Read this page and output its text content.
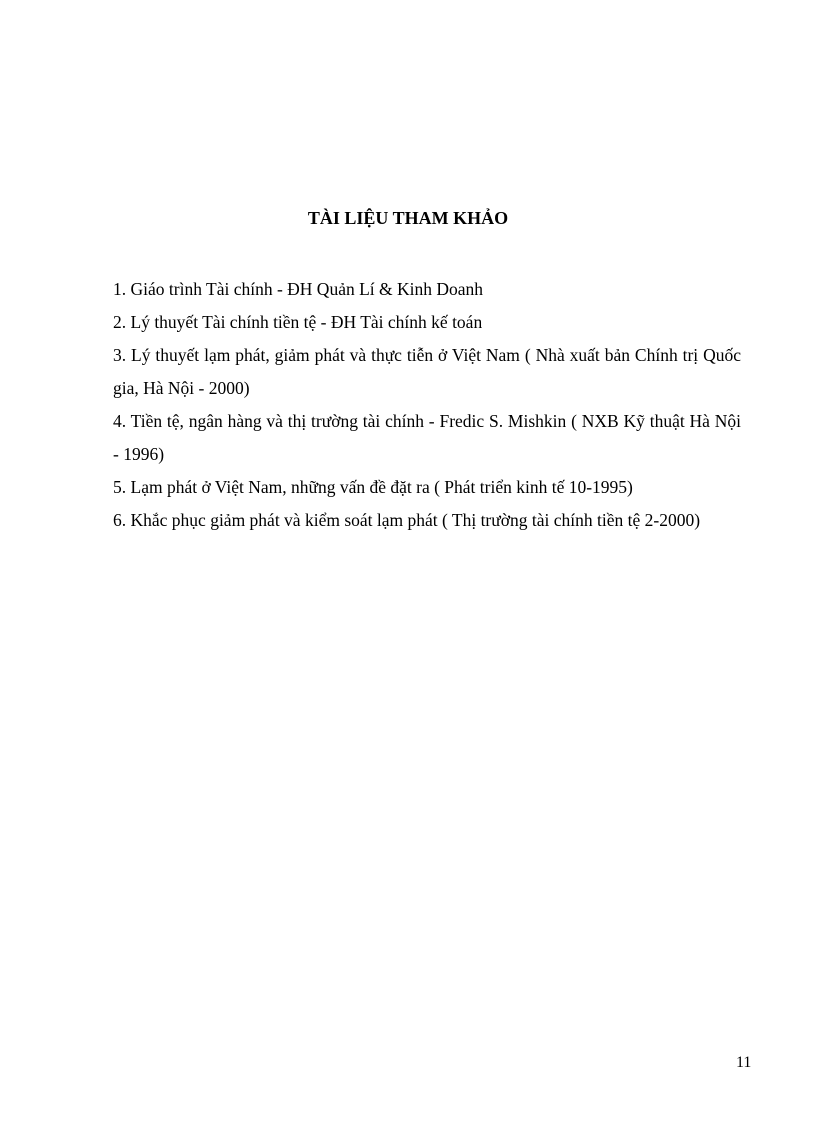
TÀI LIỆU THAM KHẢO
1. Giáo trình Tài chính - ĐH Quản Lí & Kinh Doanh
2. Lý thuyết Tài chính tiền tệ - ĐH Tài chính kế toán
3. Lý thuyết lạm phát, giảm phát và thực tiễn ở Việt Nam ( Nhà xuất bản Chính trị Quốc gia, Hà Nội - 2000)
4. Tiền tệ, ngân hàng và thị trường tài chính - Fredic S. Mishkin ( NXB Kỹ thuật Hà Nội - 1996)
5. Lạm phát ở Việt Nam, những vấn đề đặt ra ( Phát triển kinh tế 10-1995)
6. Khắc phục giảm phát và kiểm soát lạm phát ( Thị trường tài chính tiền tệ 2-2000)
11
